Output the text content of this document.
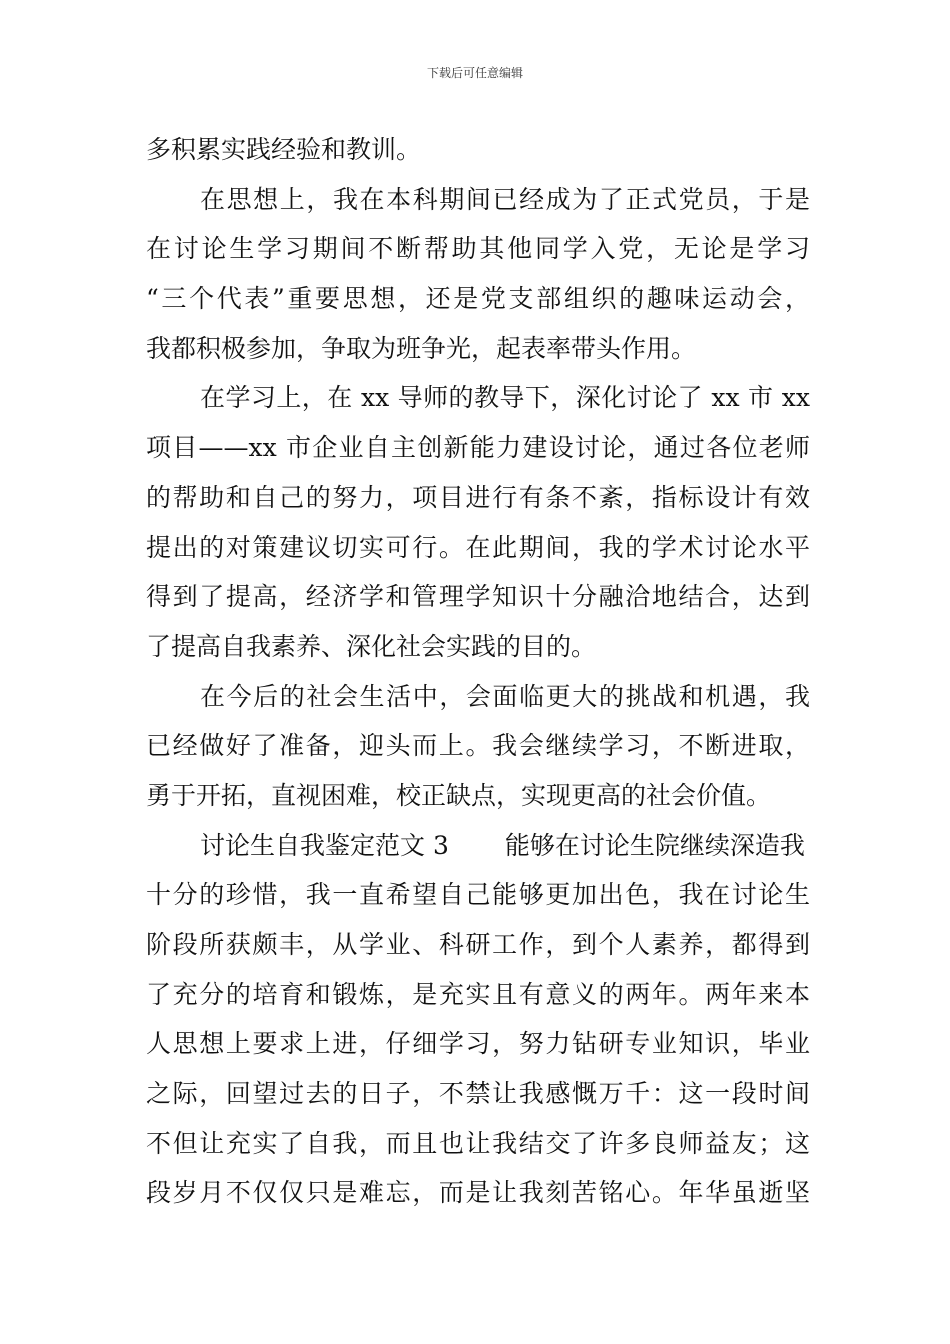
下载后可任意编辑
多积累实践经验和教训。
在思想上，我在本科期间已经成为了正式党员，于是
在讨论生学习期间不断帮助其他同学入党，无论是学习
“三个代表”重要思想，还是党支部组织的趣味运动会，
我都积极参加，争取为班争光，起表率带头作用。
在学习上，在 xx 导师的教导下，深化讨论了 xx 市 xx
项目——xx 市企业自主创新能力建设讨论，通过各位老师
的帮助和自己的努力，项目进行有条不紊，指标设计有效
提出的对策建议切实可行。在此期间，我的学术讨论水平
得到了提高，经济学和管理学知识十分融洽地结合，达到
了提高自我素养、深化社会实践的目的。
在今后的社会生活中，会面临更大的挑战和机遇，我
已经做好了准备，迎头而上。我会继续学习，不断进取，
勇于开拓，直视困难，校正缺点，实现更高的社会价值。
讨论生自我鉴定范文 3 能够在讨论生院继续深造我
十分的珍惜，我一直希望自己能够更加出色，我在讨论生
阶段所获颇丰，从学业、科研工作，到个人素养，都得到
了充分的培育和锻炼，是充实且有意义的两年。两年来本
人思想上要求上进，仔细学习，努力钻研专业知识，毕业
之际，回望过去的日子，不禁让我感慨万千：这一段时间
不但让充实了自我，而且也让我结交了许多良师益友；这
段岁月不仅仅只是难忘，而是让我刻苦铭心。年华虽逝坚
